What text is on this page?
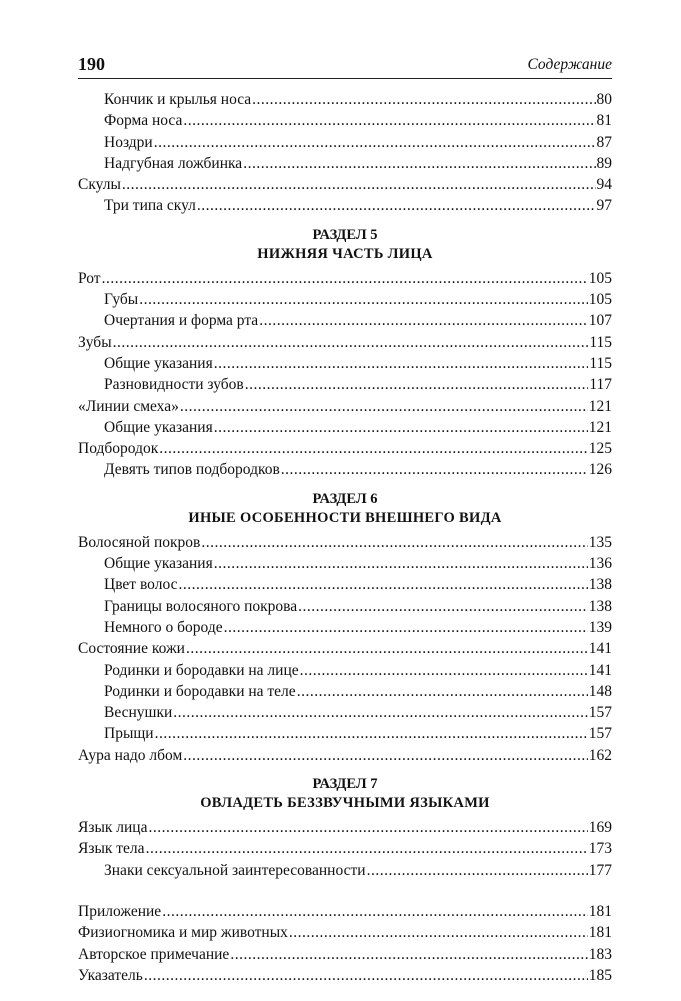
190	Содержание
Кончик и крылья носа .....	80
Форма носа .....	81
Ноздри .....	87
Надгубная ложбинка .....	89
Скулы .....	94
Три типа скул .....	97
РАЗДЕЛ 5
НИЖНЯЯ ЧАСТЬ ЛИЦА
Рот .....	105
Губы .....	105
Очертания и форма рта .....	107
Зубы .....	115
Общие указания .....	115
Разновидности зубов .....	117
«Линии смеха» .....	121
Общие указания .....	121
Подбородок .....	125
Девять типов подбородков .....	126
РАЗДЕЛ 6
ИНЫЕ ОСОБЕННОСТИ ВНЕШНЕГО ВИДА
Волосяной покров .....	135
Общие указания .....	136
Цвет волос .....	138
Границы волосяного покрова .....	138
Немного о бороде .....	139
Состояние кожи .....	141
Родинки и бородавки на лице .....	141
Родинки и бородавки на теле .....	148
Веснушки .....	157
Прыщи .....	157
Аура надо лбом .....	162
РАЗДЕЛ 7
ОВЛАДЕТЬ БЕЗЗВУЧНЫМИ ЯЗЫКАМИ
Язык лица .....	169
Язык тела .....	173
Знаки сексуальной заинтересованности .....	177
Приложение .....	181
Физиогномика и мир животных .....	181
Авторское примечание .....	183
Указатель .....	185
